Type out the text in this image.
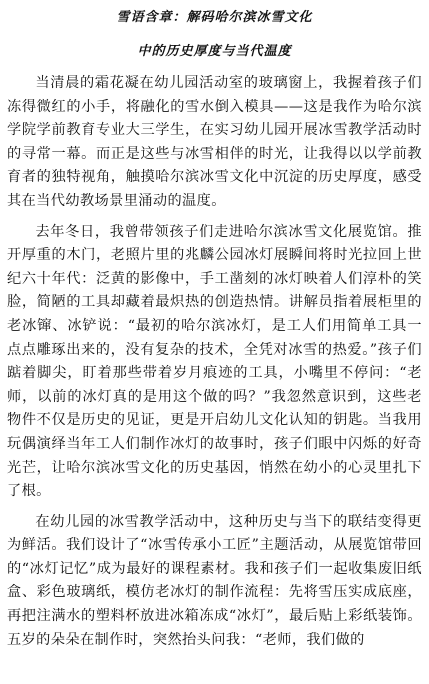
雪语含章：解码哈尔滨冰雪文化
中的历史厚度与当代温度

当清晨的霜花凝在幼儿园活动室的玻璃窗上，我握着孩子们冻得微红的小手，将融化的雪水倒入模具——这是我作为哈尔滨学院学前教育专业大三学生，在实习幼儿园开展冰雪教学活动时的寻常一幕。而正是这些与冰雪相伴的时光，让我得以以学前教育者的独特视角，触摸哈尔滨冰雪文化中沉淀的历史厚度，感受其在当代幼教场景里涌动的温度。

去年冬日，我曾带领孩子们走进哈尔滨冰雪文化展览馆。推开厚重的木门，老照片里的兆麟公园冰灯展瞬间将时光拉回上世纪六十年代：泛黄的影像中，手工凿刻的冰灯映着人们淳朴的笑脸，简陋的工具却藏着最炽热的创造热情。讲解员指着展柜里的老冰镩、冰铲说：“最初的哈尔滨冰灯，是工人们用简单工具一点点雕琢出来的，没有复杂的技术，全凭对冰雪的热爱。”孩子们踮着脚尖，盯着那些带着岁月痕迹的工具，小嘴里不停问：“老师，以前的冰灯真的是用这个做的吗？”我忽然意识到，这些老物件不仅是历史的见证，更是开启幼儿文化认知的钥匙。当我用玩偶演绎当年工人们制作冰灯的故事时，孩子们眼中闪烁的好奇光芒，让哈尔滨冰雪文化的历史基因，悄然在幼小的心灵里扎下了根。

在幼儿园的冰雪教学活动中，这种历史与当下的联结变得更为鲜活。我们设计了“冰雪传承小工匠”主题活动，从展览馆带回的“冰灯记忆”成为最好的课程素材。我和孩子们一起收集废旧纸盒、彩色玻璃纸，模仿老冰灯的制作流程：先将雪压实成底座，再把注满水的塑料杯放进冰箱冻成“冰灯”，最后贴上彩纸装饰。五岁的朵朵在制作时，突然抬头问我：“老师，我们做的
